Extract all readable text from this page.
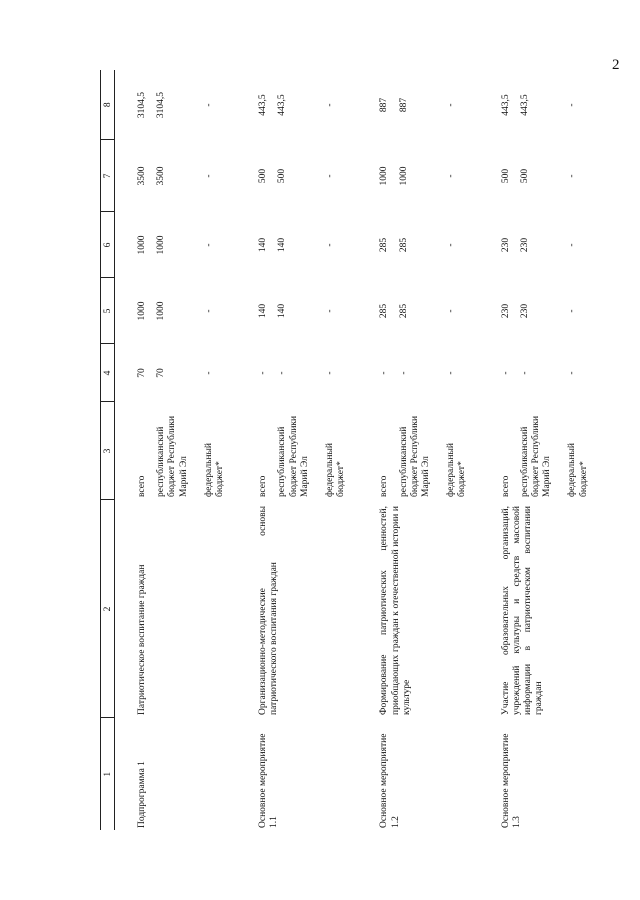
2
1	2	3	4	5	6	7	8
Подпрограмма 1	Патриотическое воспитание граждан	всего	70	1000	1000	3500	3104,5
		республиканский бюджет Республики Марий Эл	70	1000	1000	3500	3104,5
		федеральный бюджет*	-	-	-	-	-
Основное мероприятие 1.1	Организационно-методические основы патриотического воспитания граждан	всего	-	140	140	500	443,5
		республиканский бюджет Республики Марий Эл	-	140	140	500	443,5
		федеральный бюджет*	-	-	-	-	-
Основное мероприятие 1.2	Формирование патриотических ценностей, приобщающих граждан к отечественной истории и культуре	всего	-	285	285	1000	887
		республиканский бюджет Республики Марий Эл	-	285	285	1000	887
		федеральный бюджет*	-	-	-	-	-
Основное мероприятие 1.3	Участие образовательных организаций, учреждений культуры и средств массовой информации в патриотическом воспитании граждан	всего	-	230	230	500	443,5
		республиканский бюджет Республики Марий Эл	-	230	230	500	443,5
		федеральный бюджет*	-	-	-	-	-
